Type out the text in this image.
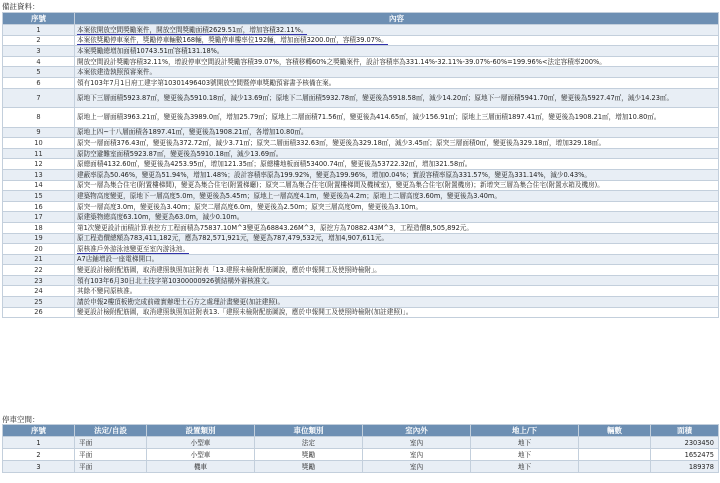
備註資料：
序號	內容
1	本案依開放空間獎勵案件，開放空間獎勵面積2629.51㎡，增加容積32.11%。
2	本案依獎勵停車案件，獎勵停車輛數168輛，獎勵停車樓率位192輛，增加面積3200.0㎡，容積39.07%。
3	本案獎勵總增加面積10743.51㎡容積131.18%。
4	開放空間設計獎勵容積32.11%，增設停車空間設計獎勵容積39.07%，容積移轉60%之獎勵案件，設計容積率為331.14%-32.11%-39.07%-60%=199.96%<法定容積率200%。
5	本案依建造執照預審案件。
6	領有103年7月1日府工建字第10301496403號開放空間暨停車獎勵預審書予核備在案。
7	原地下三層面積5923.87㎡，變更後為5910.18㎡，減少13.69㎡；原地下二層面積5932.78㎡，變更後為5918.58㎡，減少14.20㎡；原地下一層面積5941.70㎡，變更後為5927.47㎡，減少14.23㎡。
8	原地上一層面積3963.21㎡，變更後為3989.0㎡，增加25.79㎡；原地上二層面積71.56㎡，變更後為414.65㎡，減少156.91㎡；原地上三層面積1897.41㎡，變更後為1908.21㎡，增加10.80㎡。
9	原地上四~十八層面積各1897.41㎡，變更後為1908.21㎡，各增加10.80㎡。
10	原突一層面積376.43㎡，變更後為372.72㎡，減少3.71㎡；原突二層面積332.63㎡，變更後為329.18㎡，減少3.45㎡；原突三層面積0㎡，變更後為329.18㎡，增加329.18㎡。
11	原防空避難室面積5923.87㎡，變更後為5910.18㎡，減少13.69㎡。
12	原總面積4132.60㎡，變更後為4253.95㎡，增加121.35㎡；原總樓地板面積53400.74㎡，變更後為53722.32㎡，增加321.58㎡。
13	建蔽率原為50.46%，變更為51.94%，增加1.48%；設計容積率原為199.92%，變更為199.96%，增加0.04%；實設容積率原為331.57%，變更為331.14%，減少0.43%。
14	原突一層為集合住宅(附置樓梯間)，變更為集合住宅(附置梯廳)；原突二層為集合住宅(附置樓梯間及機械室)，變更為集合住宅(附置機房)；新增突三層為集合住宅(附置水箱及機房)。
15	建築物高度變更，原地下一層高度5.0m，變更後為5.45m；原地上一層高度4.1m，變更後為4.2m；原地上二層高度3.60m，變更後為3.40m。
16	原突一層高度3.0m，變更後為3.40m；原突二層高度6.0m，變更後為2.50m；原突三層高度0m，變更後為3.10m。
17	原建築物總高度63.10m，變更為63.0m，減少0.10m。
18	第1次變更設計面積計算表挖方工程面積為75837.10M^3變更為68843.26M^3，原挖方為70882.43M^3，工程造價8,505,892元。
19	原工程造價總額為783,411,182元，應為782,571,921元，變更為787,479,532元，增加4,907,611元。
20	原核准戶外游泳池變更至室內游泳池。
21	A7店鋪增設一座電梯開口。
22	變更設計檢附配筋圖，取消建照執照加註附表「13.建照未檢附配筋圖說，應於申報開工及使照時檢附」。
23	領有103年6月30日北土技字第10300000926號結構外審核准文。
24	其餘不變同原核准。
25	請於申報2樓頂板勘完成前確實辦理土石方之處理計畫變更(加註建照)。
26	變更設計檢附配筋圖，取消建照執照加註附表13.「建照未檢附配筋圖說，應於申報開工及使照時檢附(加註建照)」。
停車空間：
序號	法定/自設	設置類別	車位類別	室內外	地上/下	輛數	面積
1	平面	小型車	法定	室內	地下		2303450
2	平面	小型車	獎勵	室內	地下		1652475
3	平面	機車	獎勵	室內	地下		189378
